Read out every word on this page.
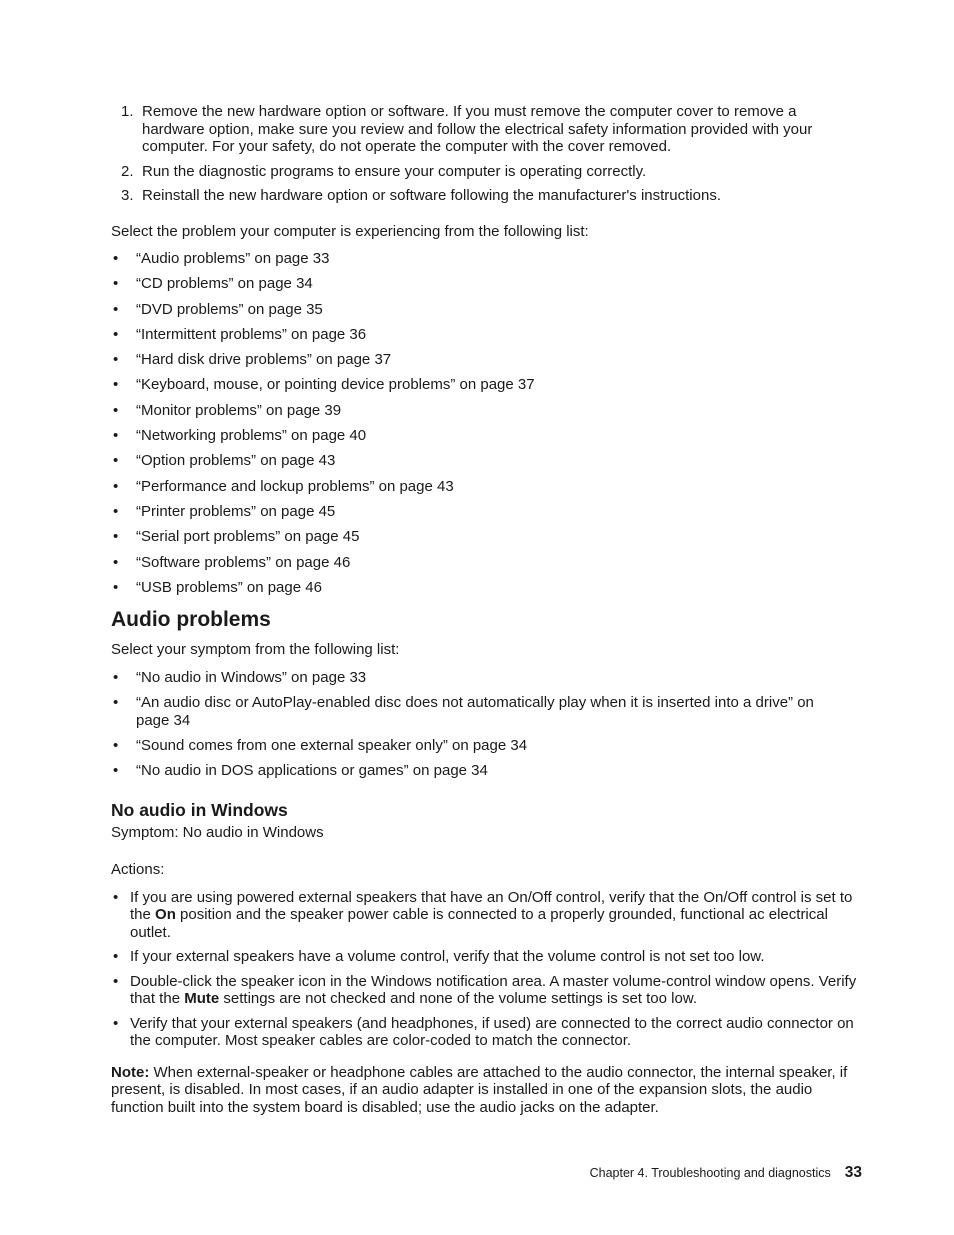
1. Remove the new hardware option or software. If you must remove the computer cover to remove a hardware option, make sure you review and follow the electrical safety information provided with your computer. For your safety, do not operate the computer with the cover removed.
2. Run the diagnostic programs to ensure your computer is operating correctly.
3. Reinstall the new hardware option or software following the manufacturer's instructions.

Select the problem your computer is experiencing from the following list:

• “Audio problems” on page 33
• “CD problems” on page 34
• “DVD problems” on page 35
• “Intermittent problems” on page 36
• “Hard disk drive problems” on page 37
• “Keyboard, mouse, or pointing device problems” on page 37
• “Monitor problems” on page 39
• “Networking problems” on page 40
• “Option problems” on page 43
• “Performance and lockup problems” on page 43
• “Printer problems” on page 45
• “Serial port problems” on page 45
• “Software problems” on page 46
• “USB problems” on page 46
Audio problems

Select your symptom from the following list:

• “No audio in Windows” on page 33
• “An audio disc or AutoPlay-enabled disc does not automatically play when it is inserted into a drive” on page 34
• “Sound comes from one external speaker only” on page 34
• “No audio in DOS applications or games” on page 34
No audio in Windows

Symptom: No audio in Windows

Actions:

• If you are using powered external speakers that have an On/Off control, verify that the On/Off control is set to the On position and the speaker power cable is connected to a properly grounded, functional ac electrical outlet.
• If your external speakers have a volume control, verify that the volume control is not set too low.
• Double-click the speaker icon in the Windows notification area. A master volume-control window opens. Verify that the Mute settings are not checked and none of the volume settings is set too low.
• Verify that your external speakers (and headphones, if used) are connected to the correct audio connector on the computer. Most speaker cables are color-coded to match the connector.

Note: When external-speaker or headphone cables are attached to the audio connector, the internal speaker, if present, is disabled. In most cases, if an audio adapter is installed in one of the expansion slots, the audio function built into the system board is disabled; use the audio jacks on the adapter.

Chapter 4. Troubleshooting and diagnostics 33
